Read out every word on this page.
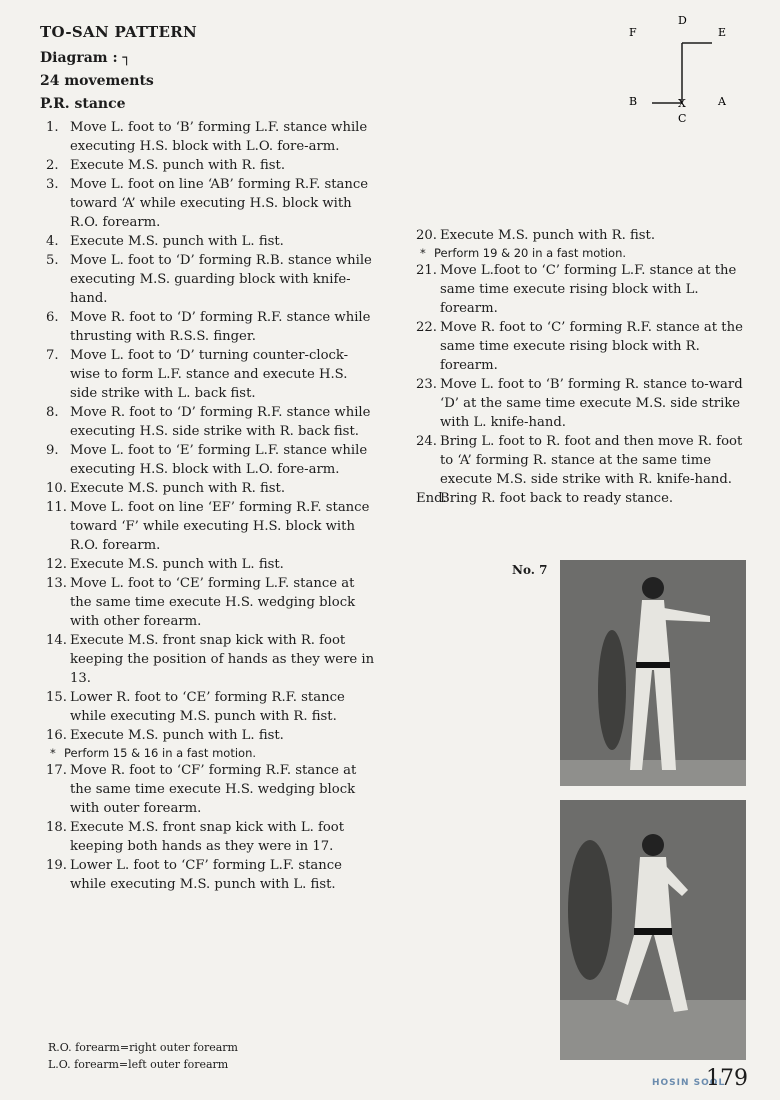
TO-SAN PATTERN
Diagram : ┐
24 movements
P.R. stance
D
E
F
B	X	A
C
1. Move L. foot to ‘B’ forming L.F. stance while executing H.S. block with L.O. fore-arm.
2. Execute M.S. punch with R. fist.
3. Move L. foot on line ‘AB’ forming R.F. stance toward ‘A’ while executing H.S. block with R.O. forearm.
4. Execute M.S. punch with L. fist.
5. Move L. foot to ‘D’ forming R.B. stance while executing M.S. guarding block with knife-hand.
6. Move R. foot to ‘D’ forming R.F. stance while thrusting with R.S.S. finger.
7. Move L. foot to ‘D’ turning counter-clock-wise to form L.F. stance and execute H.S. side strike with L. back fist.
8. Move R. foot to ‘D’ forming R.F. stance while executing H.S. side strike with R. back fist.
9. Move L. foot to ‘E’ forming L.F. stance while executing H.S. block with L.O. fore-arm.
10. Execute M.S. punch with R. fist.
11. Move L. foot on line ‘EF’ forming R.F. stance toward ‘F’ while executing H.S. block with R.O. forearm.
12. Execute M.S. punch with L. fist.
13. Move L. foot to ‘CE’ forming L.F. stance at the same time execute H.S. wedging block with other forearm.
14. Execute M.S. front snap kick with R. foot keeping the position of hands as they were in 13.
15. Lower R. foot to ‘CE’ forming R.F. stance while executing M.S. punch with R. fist.
16. Execute M.S. punch with L. fist.
* Perform 15 & 16 in a fast motion.
17. Move R. foot to ‘CF’ forming R.F. stance at the same time execute H.S. wedging block with outer forearm.
18. Execute M.S. front snap kick with L. foot keeping both hands as they were in 17.
19. Lower L. foot to ‘CF’ forming L.F. stance while executing M.S. punch with L. fist.
20. Execute M.S. punch with R. fist.
* Perform 19 & 20 in a fast motion.
21. Move L.foot to ‘C’ forming L.F. stance at the same time execute rising block with L. forearm.
22. Move R. foot to ‘C’ forming R.F. stance at the same time execute rising block with R. forearm.
23. Move L. foot to ‘B’ forming R. stance to-ward ‘D’ at the same time execute M.S. side strike with L. knife-hand.
24. Bring L. foot to R. foot and then move R. foot to ‘A’ forming R. stance at the same time execute M.S. side strike with R. knife-hand.
End.
Bring R. foot back to ready stance.
No. 7
R.O. forearm=right outer forearm
L.O. forearm=left outer forearm
HOSIN SOOL
179
